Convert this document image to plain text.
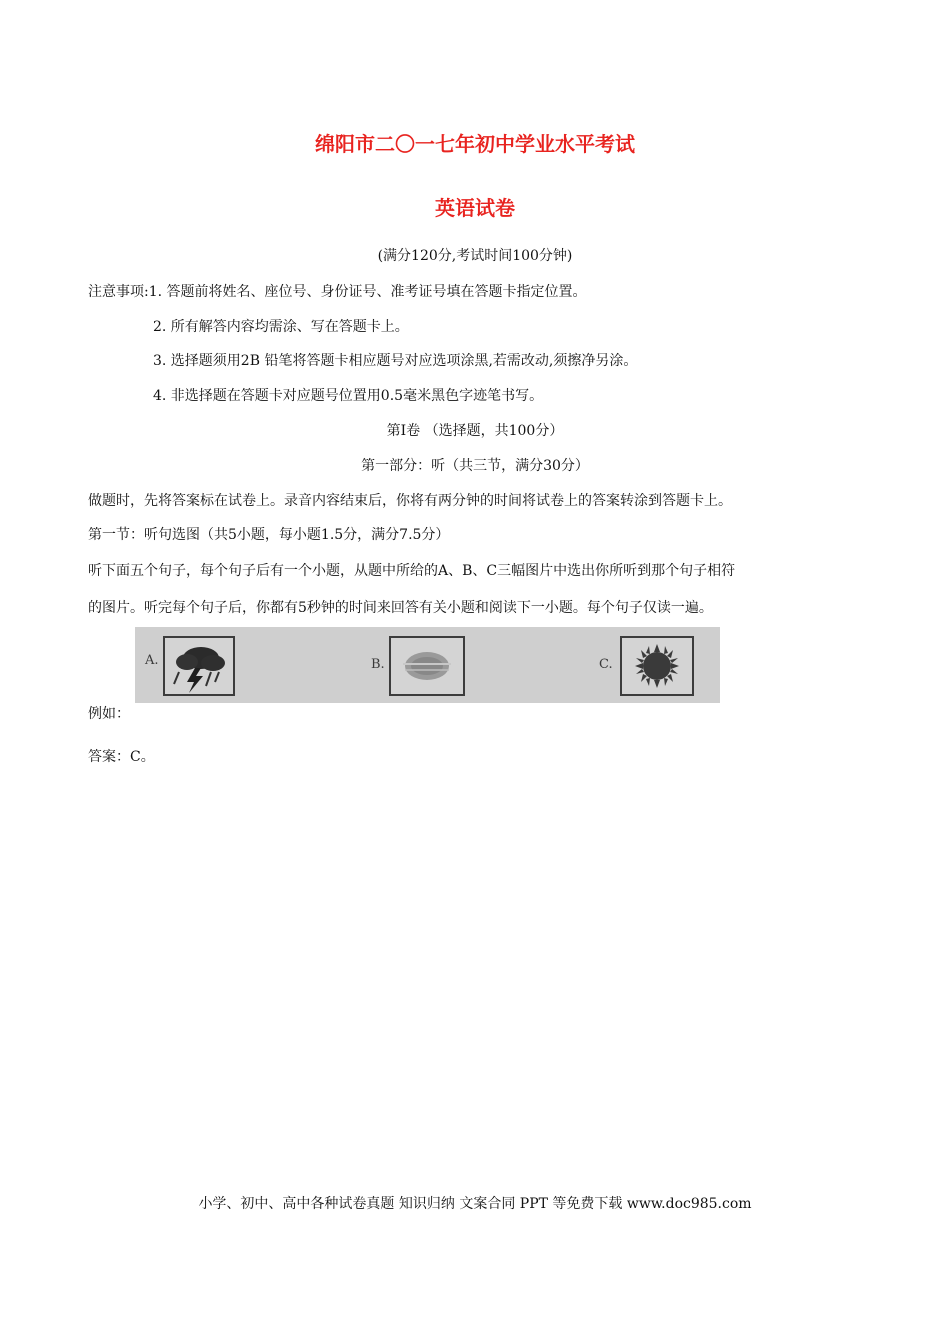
绵阳市二〇一七年初中学业水平考试
英语试卷
(满分120分,考试时间100分钟)
注意事项:1. 答题前将姓名、座位号、身份证号、准考证号填在答题卡指定位置。
2. 所有解答内容均需涂、写在答题卡上。
3. 选择题须用2B 铅笔将答题卡相应题号对应选项涂黑,若需改动,须擦净另涂。
4. 非选择题在答题卡对应题号位置用0.5毫米黑色字迹笔书写。
第Ⅰ卷 （选择题，共100分）
第一部分：听（共三节，满分30分）
做题时，先将答案标在试卷上。录音内容结束后，你将有两分钟的时间将试卷上的答案转涂到答题卡上。
第一节：听句选图（共5小题，每小题1.5分，满分7.5分）
听下面五个句子，每个句子后有一个小题，从题中所给的A、B、C三幅图片中选出你所听到那个句子相符
的图片。听完每个句子后，你都有5秒钟的时间来回答有关小题和阅读下一小题。每个句子仅读一遍。
A.	B.	C.
例如：
答案：C。
小学、初中、高中各种试卷真题 知识归纳 文案合同 PPT 等免费下载 www.doc985.com
